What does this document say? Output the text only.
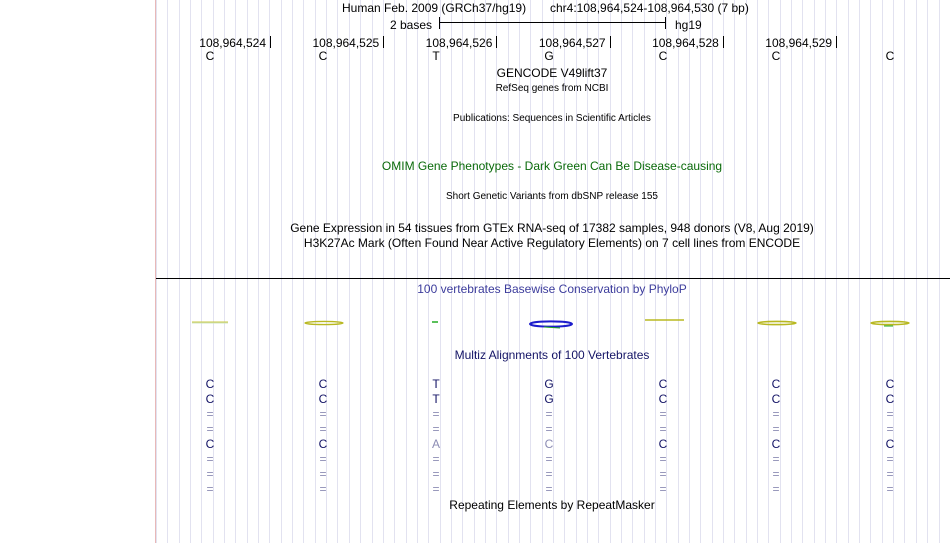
Human Feb. 2009 (GRCh37/hg19) chr4:108,964,524-108,964,530 (7 bp)
2 bases	hg19
108,964,524	108,964,525	108,964,526	108,964,527	108,964,528	108,964,529
C	C	T	G	C	C	C
GENCODE V49lift37
RefSeq genes from NCBI
Publications: Sequences in Scientific Articles
OMIM Gene Phenotypes - Dark Green Can Be Disease-causing
Short Genetic Variants from dbSNP release 155
Gene Expression in 54 tissues from GTEx RNA-seq of 17382 samples, 948 donors (V8, Aug 2019)
H3K27Ac Mark (Often Found Near Active Regulatory Elements) on 7 cell lines from ENCODE
100 vertebrates Basewise Conservation by PhyloP
Multiz Alignments of 100 Vertebrates
Repeating Elements by RepeatMasker
C	C	T	G	C	C	C
C	C	T	G	C	C	C
=	=	=	=	=	=	=
=	=	=	=	=	=	=
C	C	A	C	C	C	C
=	=	=	=	=	=	=
=	=	=	=	=	=	=
=	=	=	=	=	=	=
